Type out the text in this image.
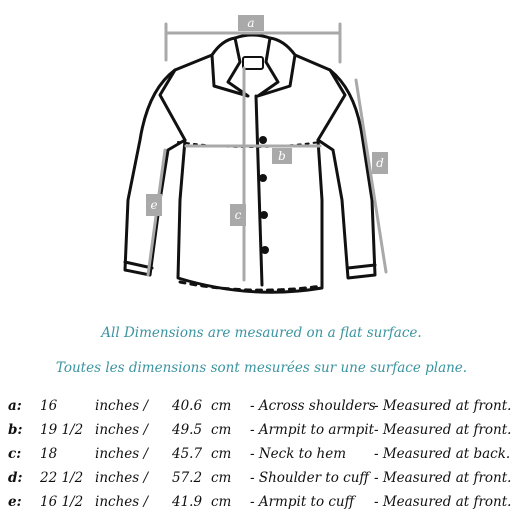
a
b
c
d
e
All Dimensions are mesaured on a flat surface.
Toutes les dimensions sont mesurées sur une surface plane.
a: 16	inches / 40.6 cm - Across shoulders
- Measured at front.
b: 19 1/2 inches / 49.5 cm - Armpit to armpit - Measured at front.
c: 18	inches / 45.7 cm - Neck to hem - Measured at back.
d: 22 1/2 inches / 57.2 cm - Shoulder to cuff - Measured at front.
e: 16 1/2 inches / 41.9 cm - Armpit to cuff - Measured at front.
